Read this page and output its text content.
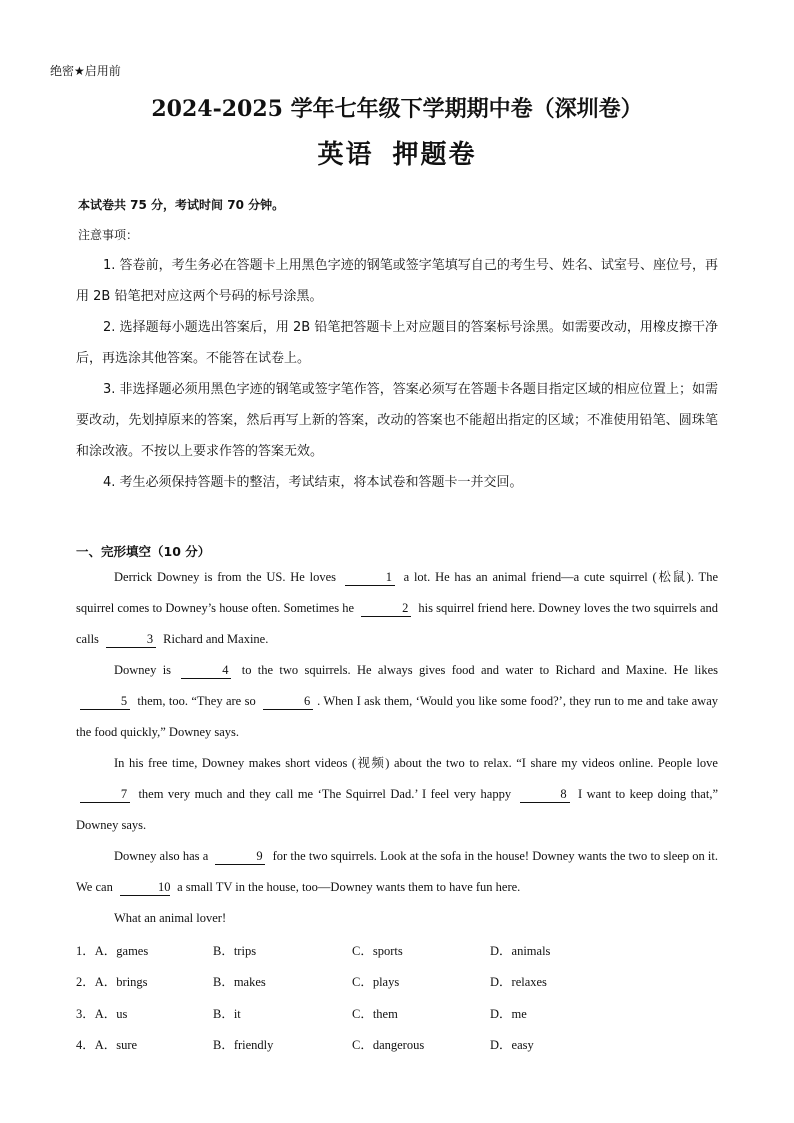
绝密★启用前
2024-2025 学年七年级下学期期中卷（深圳卷）
英语 押题卷
本试卷共 75 分，考试时间 70 分钟。
注意事项：

1. 答卷前，考生务必在答题卡上用黑色字迹的钢笔或签字笔填写自己的考生号、姓名、试室号、座位号，再用 2B 铅笔把对应这两个号码的标号涂黑。

2. 选择题每小题选出答案后，用 2B 铅笔把答题卡上对应题目的答案标号涂黑。如需要改动，用橡皮擦干净后，再选涂其他答案。不能答在试卷上。

3. 非选择题必须用黑色字迹的钢笔或签字笔作答，答案必须写在答题卡各题目指定区域的相应位置上；如需要改动，先划掉原来的答案，然后再写上新的答案，改动的答案也不能超出指定的区域；不准使用铅笔、圆珠笔和涂改液。不按以上要求作答的答案无效。

4. 考生必须保持答题卡的整洁，考试结束，将本试卷和答题卡一并交回。

一、完形填空（10 分）

Derrick Downey is from the US. He loves	1 a lot. He has an animal friend—a cute squirrel (松鼠). The squirrel comes to Downey’s house often. Sometimes he	2 his squirrel friend here. Downey loves the two squirrels and calls	3 Richard and Maxine.

Downey is	4 to the two squirrels. He always gives food and water to Richard and Maxine. He likes 5 them, too. “They are so	6 . When I ask them, ‘Would you like some food?’, they run to me and take away the food quickly,” Downey says.

In his free time, Downey makes short videos (视频) about the two to relax. “I share my videos online. People love 7 them very much and they call me ‘The Squirrel Dad.’ I feel very happy	8 I want to keep doing that,” Downey says.

Downey also has a	9 for the two squirrels. Look at the sofa in the house! Downey wants the two to sleep on it. We can	10 a small TV in the house, too—Downey wants them to have fun here.

What an animal lover!

1．A．games	B．trips	C．sports	D．animals
2．A．brings	B．makes	C．plays	D．relaxes
3．A．us	B．it	C．them	D．me
4．A．sure	B．friendly	C．dangerous	D．easy
